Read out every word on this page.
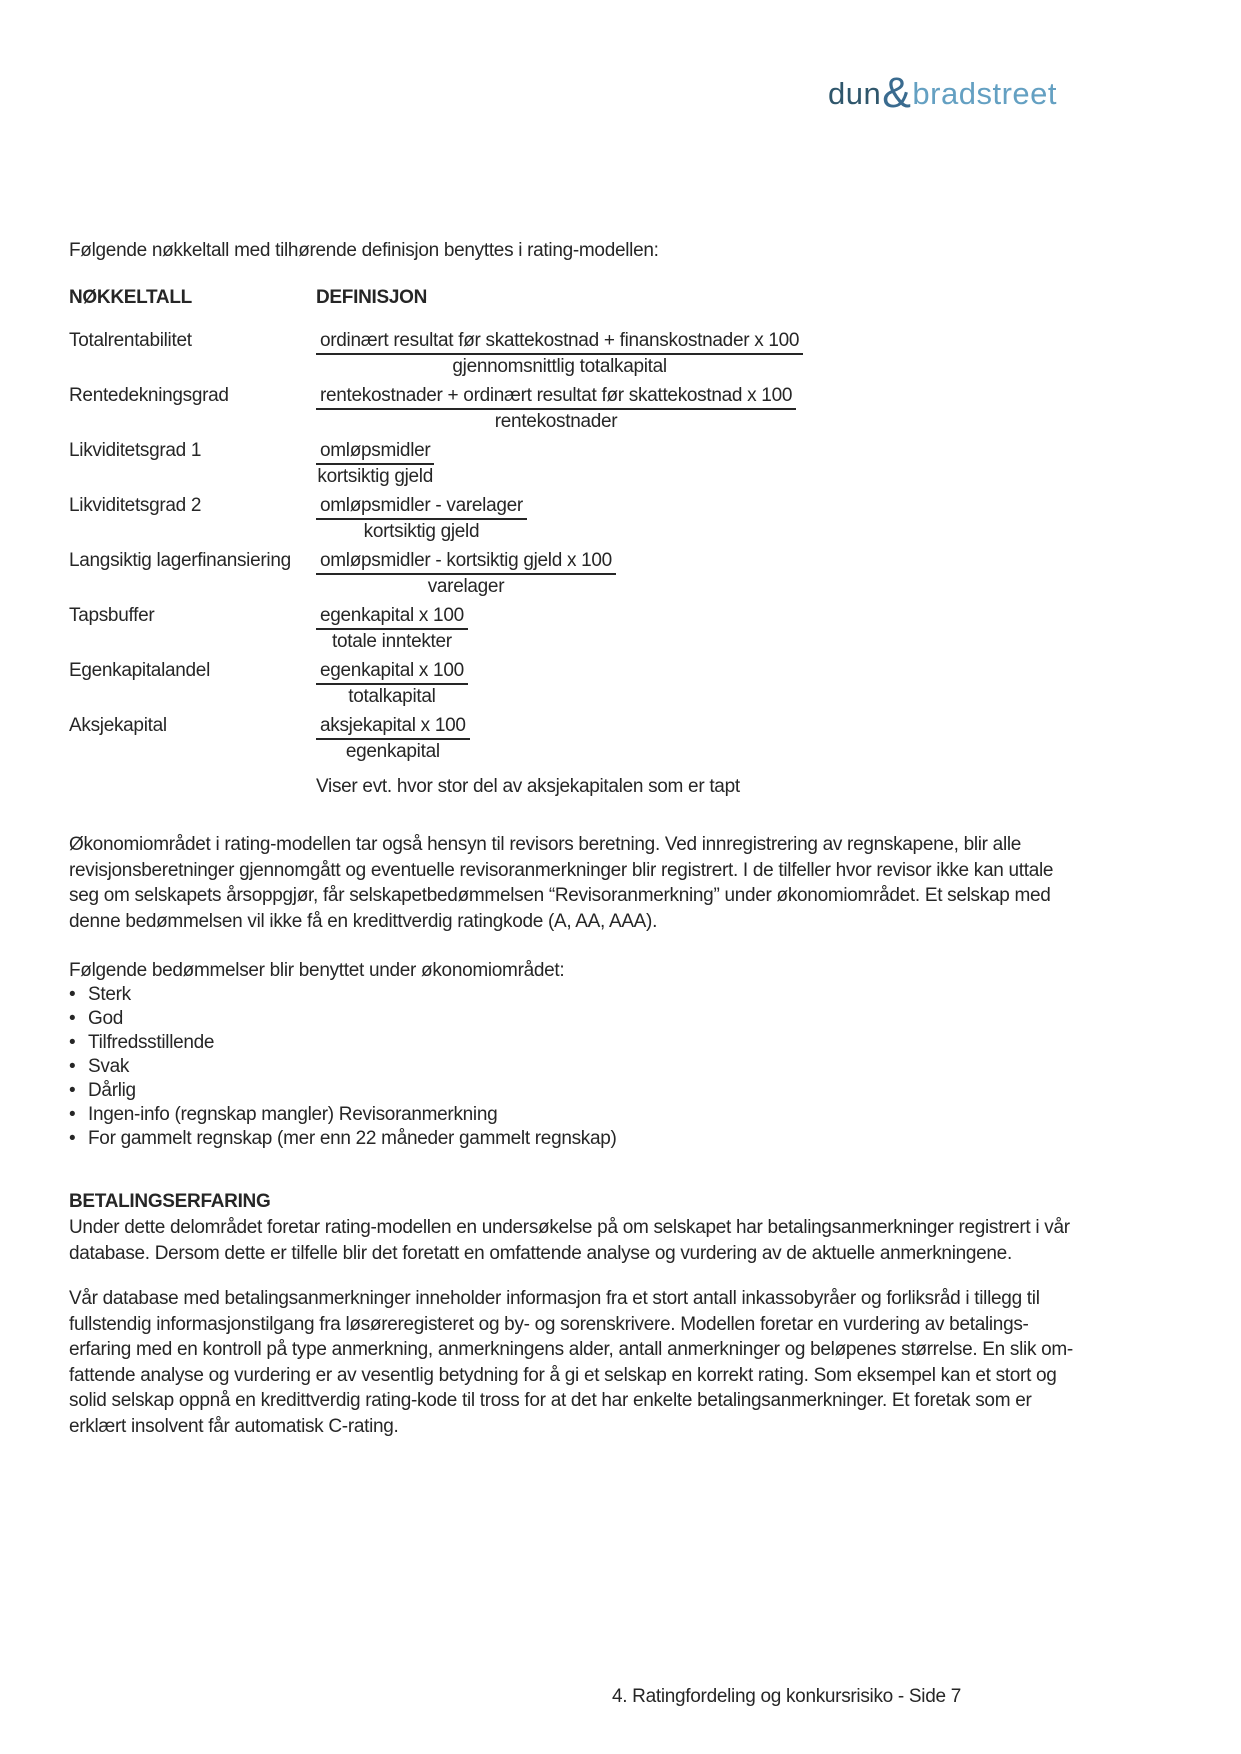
dun & bradstreet

Følgende nøkkeltall med tilhørende definisjon benyttes i rating-modellen:

NØKKELTALL	DEFINISJON
Totalrentabilitet	$\frac{\text{ordinært resultat før skattekostnad + finanskostnader x 100}}{\text{gjennomsnittlig totalkapital}}$
Rentedekningsgrad	$\frac{\text{rentekostnader + ordinært resultat før skattekostnad x 100}}{\text{rentekostnader}}$
Likviditetsgrad 1	$\frac{\text{omløpsmidler}}{\text{kortsiktig gjeld}}$
Likviditetsgrad 2	$\frac{\text{omløpsmidler - varelager}}{\text{kortsiktig gjeld}}$
Langsiktig lagerfinansiering	$\frac{\text{omløpsmidler - kortsiktig gjeld x 100}}{\text{varelager}}$
Tapsbuffer	$\frac{\text{egenkapital x 100}}{\text{totale inntekter}}$
Egenkapitalandel	$\frac{\text{egenkapital x 100}}{\text{totalkapital}}$
Aksjekapital	$\frac{\text{aksjekapital x 100}}{\text{egenkapital}}$

Viser evt. hvor stor del av aksjekapitalen som er tapt

Økonomiområdet i rating-modellen tar også hensyn til revisors beretning. Ved innregistrering av regnskapene, blir alle revisjonsberetninger gjennomgått og eventuelle revisoranmerkninger blir registrert. I de tilfeller hvor revisor ikke kan uttale seg om selskapets årsoppgjør, får selskapetbedømmelsen “Revisoranmerkning” under økonomiområdet. Et selskap med denne bedømmelsen vil ikke få en kredittverdig ratingkode (A, AA, AAA).

Følgende bedømmelser blir benyttet under økonomiområdet:

• Sterk
• God
• Tilfredsstillende
• Svak
• Dårlig
• Ingen-info (regnskap mangler) Revisoranmerkning
• For gammelt regnskap (mer enn 22 måneder gammelt regnskap)
BETALINGSERFARING

Under dette delområdet foretar rating-modellen en undersøkelse på om selskapet har betalingsanmerkninger registrert i vår database. Dersom dette er tilfelle blir det foretatt en omfattende analyse og vurdering av de aktuelle anmerkningene.

Vår database med betalingsanmerkninger inneholder informasjon fra et stort antall inkassobyråer og forliksråd i tillegg til fullstendig informasjonstilgang fra løsøreregisteret og by- og sorenskrivere. Modellen foretar en vurdering av betalings- erfaring med en kontroll på type anmerkning, anmerkningens alder, antall anmerkninger og beløpenes størrelse. En slik om- fattende analyse og vurdering er av vesentlig betydning for å gi et selskap en korrekt rating. Som eksempel kan et stort og solid selskap oppnå en kredittverdig rating-kode til tross for at det har enkelte betalingsanmerkninger. Et foretak som er erklært insolvent får automatisk C-rating.

4. Ratingfordeling og konkursrisiko - Side 7
